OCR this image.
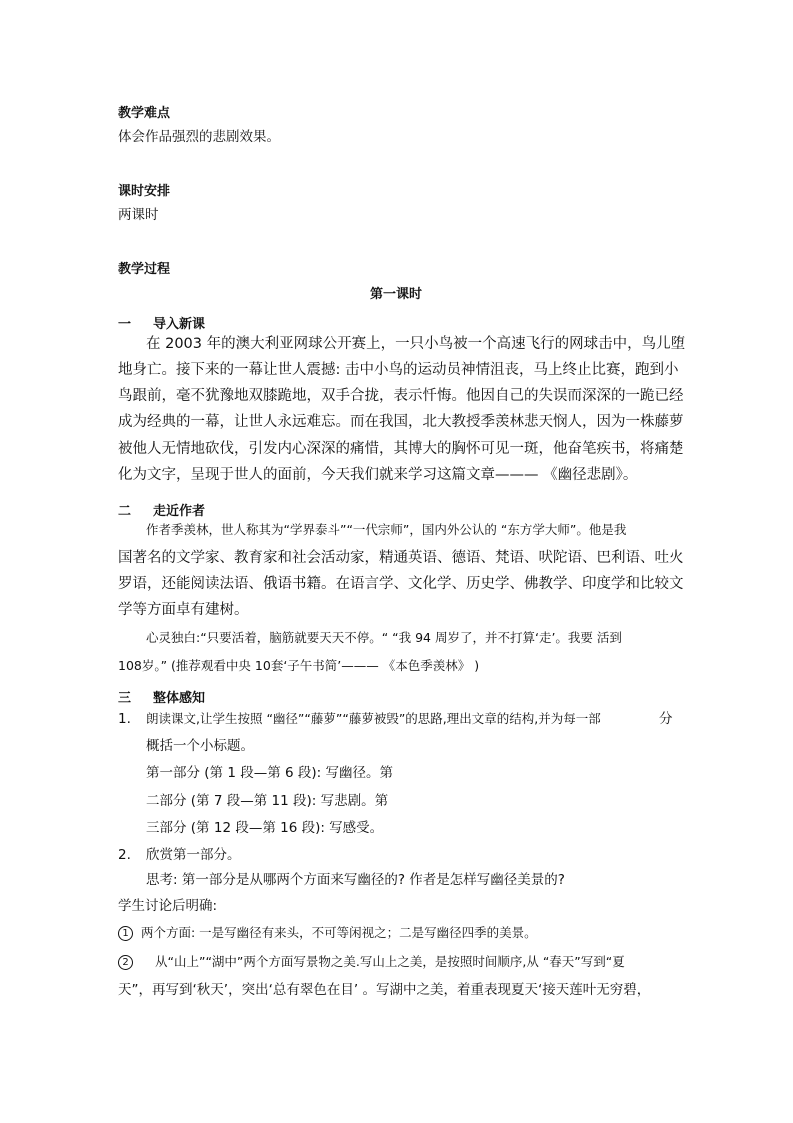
教学难点
体会作品强烈的悲剧效果。
课时安排
两课时
教学过程
第一课时
一 导入新课
在 2003 年的澳大利亚网球公开赛上，一只小鸟被一个高速飞行的网球击中，鸟儿堕
地身亡。接下来的一幕让世人震撼: 击中小鸟的运动员神情沮丧，马上终止比赛，跑到小
鸟跟前，毫不犹豫地双膝跪地，双手合拢，表示忏悔。他因自己的失误而深深的一跪已经
成为经典的一幕，让世人永远难忘。而在我国，北大教授季羡林悲天悯人，因为一株藤萝
被他人无情地砍伐，引发内心深深的痛惜，其博大的胸怀可见一斑，他奋笔疾书，将痛楚
化为文字，呈现于世人的面前，今天我们就来学习这篇文章——— 《幽径悲剧》。
二 走近作者
作者季羡林，世人称其为“学界泰斗”“一代宗师”，国内外公认的 “东方学大师”。他是我
国著名的文学家、教育家和社会活动家，精通英语、德语、梵语、吠陀语、巴利语、吐火
罗语，还能阅读法语、俄语书籍。在语言学、文化学、历史学、佛教学、印度学和比较文
学等方面卓有建树。
心灵独白:“只要活着，脑筋就要天天不停。“ “我 94 周岁了，并不打算‘走’。我要 活到
108岁。” (推荐观看中央 10套‘子午书简’——— 《本色季羡林》 )
三 整体感知
1. 朗读课文,让学生按照 “幽径”“藤萝”“藤萝被毁”的思路,理出文章的结构,并为每一部	分
概括一个小标题。
第一部分 (第 1 段—第 6 段): 写幽径。第
二部分 (第 7 段—第 11 段): 写悲剧。第
三部分 (第 12 段—第 16 段): 写感受。
2. 欣赏第一部分。
思考: 第一部分是从哪两个方面来写幽径的? 作者是怎样写幽径美景的?
学生讨论后明确:
1 两个方面: 一是写幽径有来头，不可等闲视之；二是写幽径四季的美景。
2 从“山上”“湖中”两个方面写景物之美.写山上之美，是按照时间顺序,从 “春天”写到“夏
天”，再写到‘秋天’，突出‘总有翠色在目’ 。写湖中之美，着重表现夏天‘接天莲叶无穷碧，
